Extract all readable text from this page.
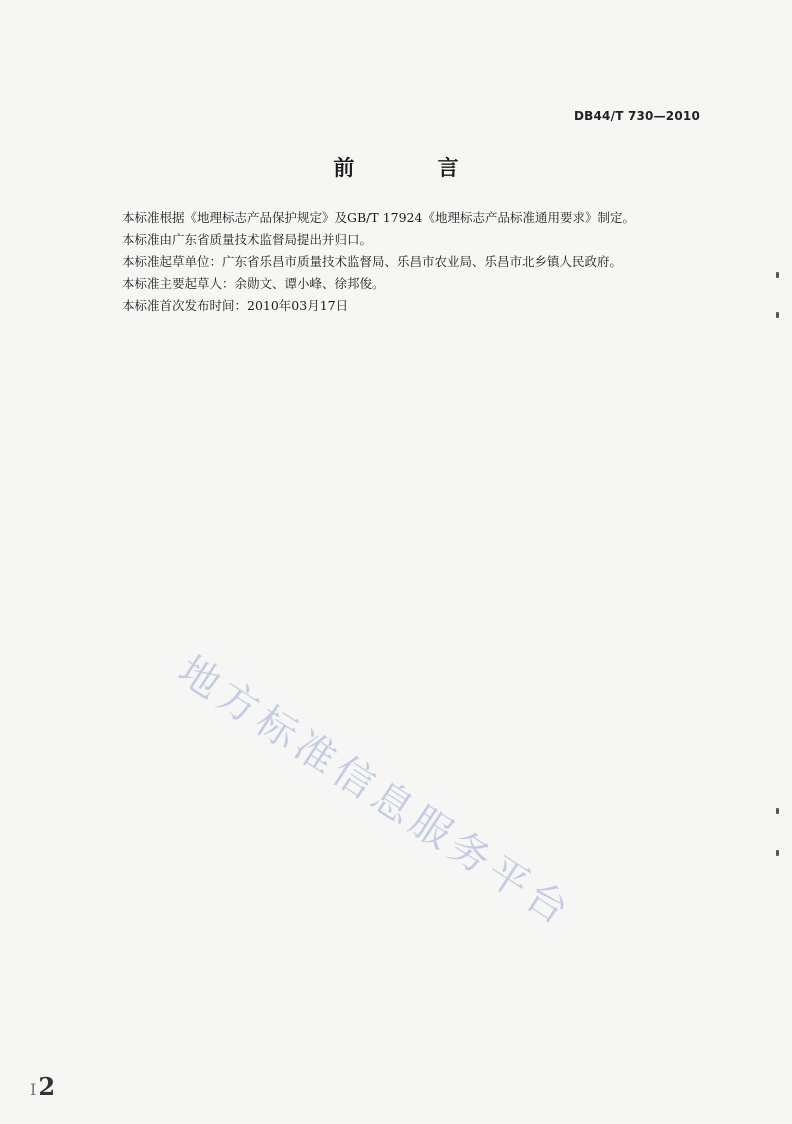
DB44/T 730—2010
前 言

本标准根据《地理标志产品保护规定》及GB/T 17924《地理标志产品标准通用要求》制定。

本标准由广东省质量技术监督局提出并归口。

本标准起草单位：广东省乐昌市质量技术监督局、乐昌市农业局、乐昌市北乡镇人民政府。

本标准主要起草人：余勋文、谭小峰、徐邦俊。

本标准首次发布时间：2010年03月17日

地方标准信息服务平台
I2
